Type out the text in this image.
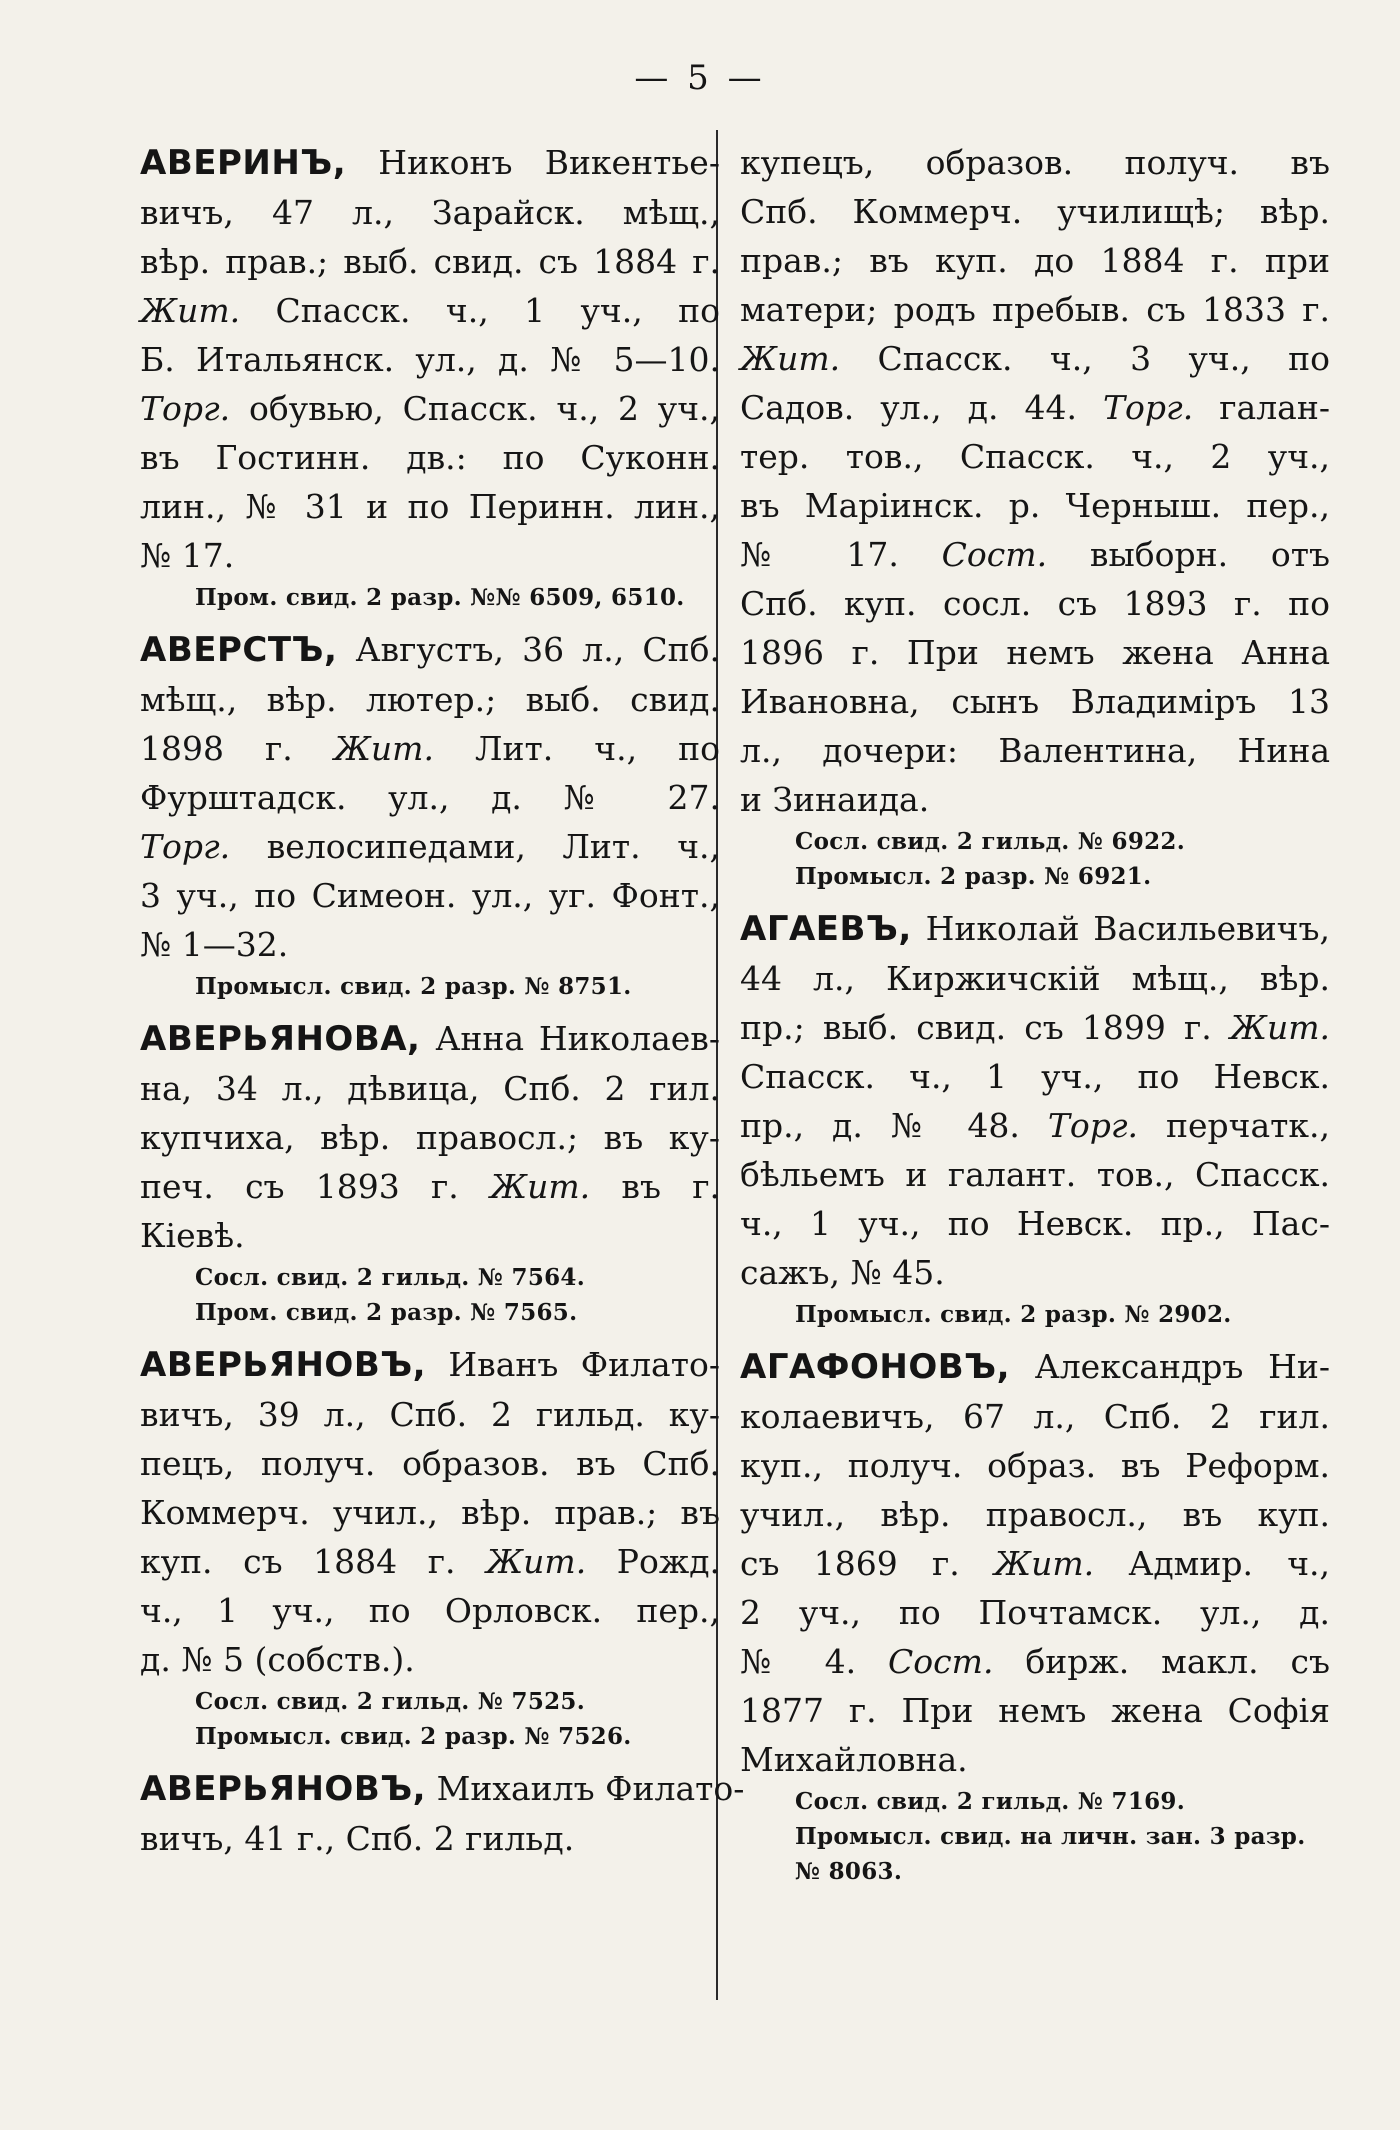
— 5 —
АВЕРИНЪ, Никонъ Викентье-
вичъ, 47 л., Зарайск. мѣщ.,
вѣр. прав.; выб. свид. съ 1884 г.
Жит. Спасск. ч., 1 уч., по
Б. Итальянск. ул., д. № 5—10.
Торг. обувью, Спасск. ч., 2 уч.,
въ Гостинн. дв.: по Суконн.
лин., № 31 и по Перинн. лин.,
№ 17.
Пром. свид. 2 разр. №№ 6509, 6510.
АВЕРСТЪ, Августъ, 36 л., Спб.
мѣщ., вѣр. лютер.; выб. свид.
1898 г. Жит. Лит. ч., по
Фурштадск. ул., д. № 27.
Торг. велосипедами, Лит. ч.,
3 уч., по Симеон. ул., уг. Фонт.,
№ 1—32.
Промысл. свид. 2 разр. № 8751.
АВЕРЬЯНОВА, Анна Николаев-
на, 34 л., дѣвица, Спб. 2 гил.
купчиха, вѣр. правосл.; въ ку-
печ. съ 1893 г. Жит. въ г.
Кіевѣ.
Сосл. свид. 2 гильд. № 7564.
Пром. свид. 2 разр. № 7565.
АВЕРЬЯНОВЪ, Иванъ Филато-
вичъ, 39 л., Спб. 2 гильд. ку-
пецъ, получ. образов. въ Спб.
Коммерч. учил., вѣр. прав.; въ
куп. съ 1884 г. Жит. Рожд.
ч., 1 уч., по Орловск. пер.,
д. № 5 (собств.).
Сосл. свид. 2 гильд. № 7525.
Промысл. свид. 2 разр. № 7526.
АВЕРЬЯНОВЪ, Михаилъ Филато-
вичъ, 41 г., Спб. 2 гильд.
купецъ, образов. получ. въ
Спб. Коммерч. училищѣ; вѣр.
прав.; въ куп. до 1884 г. при
матери; родъ пребыв. съ 1833 г.
Жит. Спасск. ч., 3 уч., по
Садов. ул., д. 44. Торг. галан-
тер. тов., Спасск. ч., 2 уч.,
въ Маріинск. р. Черныш. пер.,
№ 17. Сост. выборн. отъ
Спб. куп. сосл. съ 1893 г. по
1896 г. При немъ жена Анна
Ивановна, сынъ Владиміръ 13
л., дочери: Валентина, Нина
и Зинаида.
Сосл. свид. 2 гильд. № 6922.
Промысл. 2 разр. № 6921.
АГАЕВЪ, Николай Васильевичъ,
44 л., Киржичскій мѣщ., вѣр.
пр.; выб. свид. съ 1899 г. Жит.
Спасск. ч., 1 уч., по Невск.
пр., д. № 48. Торг. перчатк.,
бѣльемъ и галант. тов., Спасск.
ч., 1 уч., по Невск. пр., Пас-
сажъ, № 45.
Промысл. свид. 2 разр. № 2902.
АГАФОНОВЪ, Александръ Ни-
колаевичъ, 67 л., Спб. 2 гил.
куп., получ. образ. въ Реформ.
учил., вѣр. правосл., въ куп.
съ 1869 г. Жит. Адмир. ч.,
2 уч., по Почтамск. ул., д.
№ 4. Сост. бирж. макл. съ
1877 г. При немъ жена Софія
Михайловна.
Сосл. свид. 2 гильд. № 7169.
Промысл. свид. на личн. зан. 3 разр.
№ 8063.
